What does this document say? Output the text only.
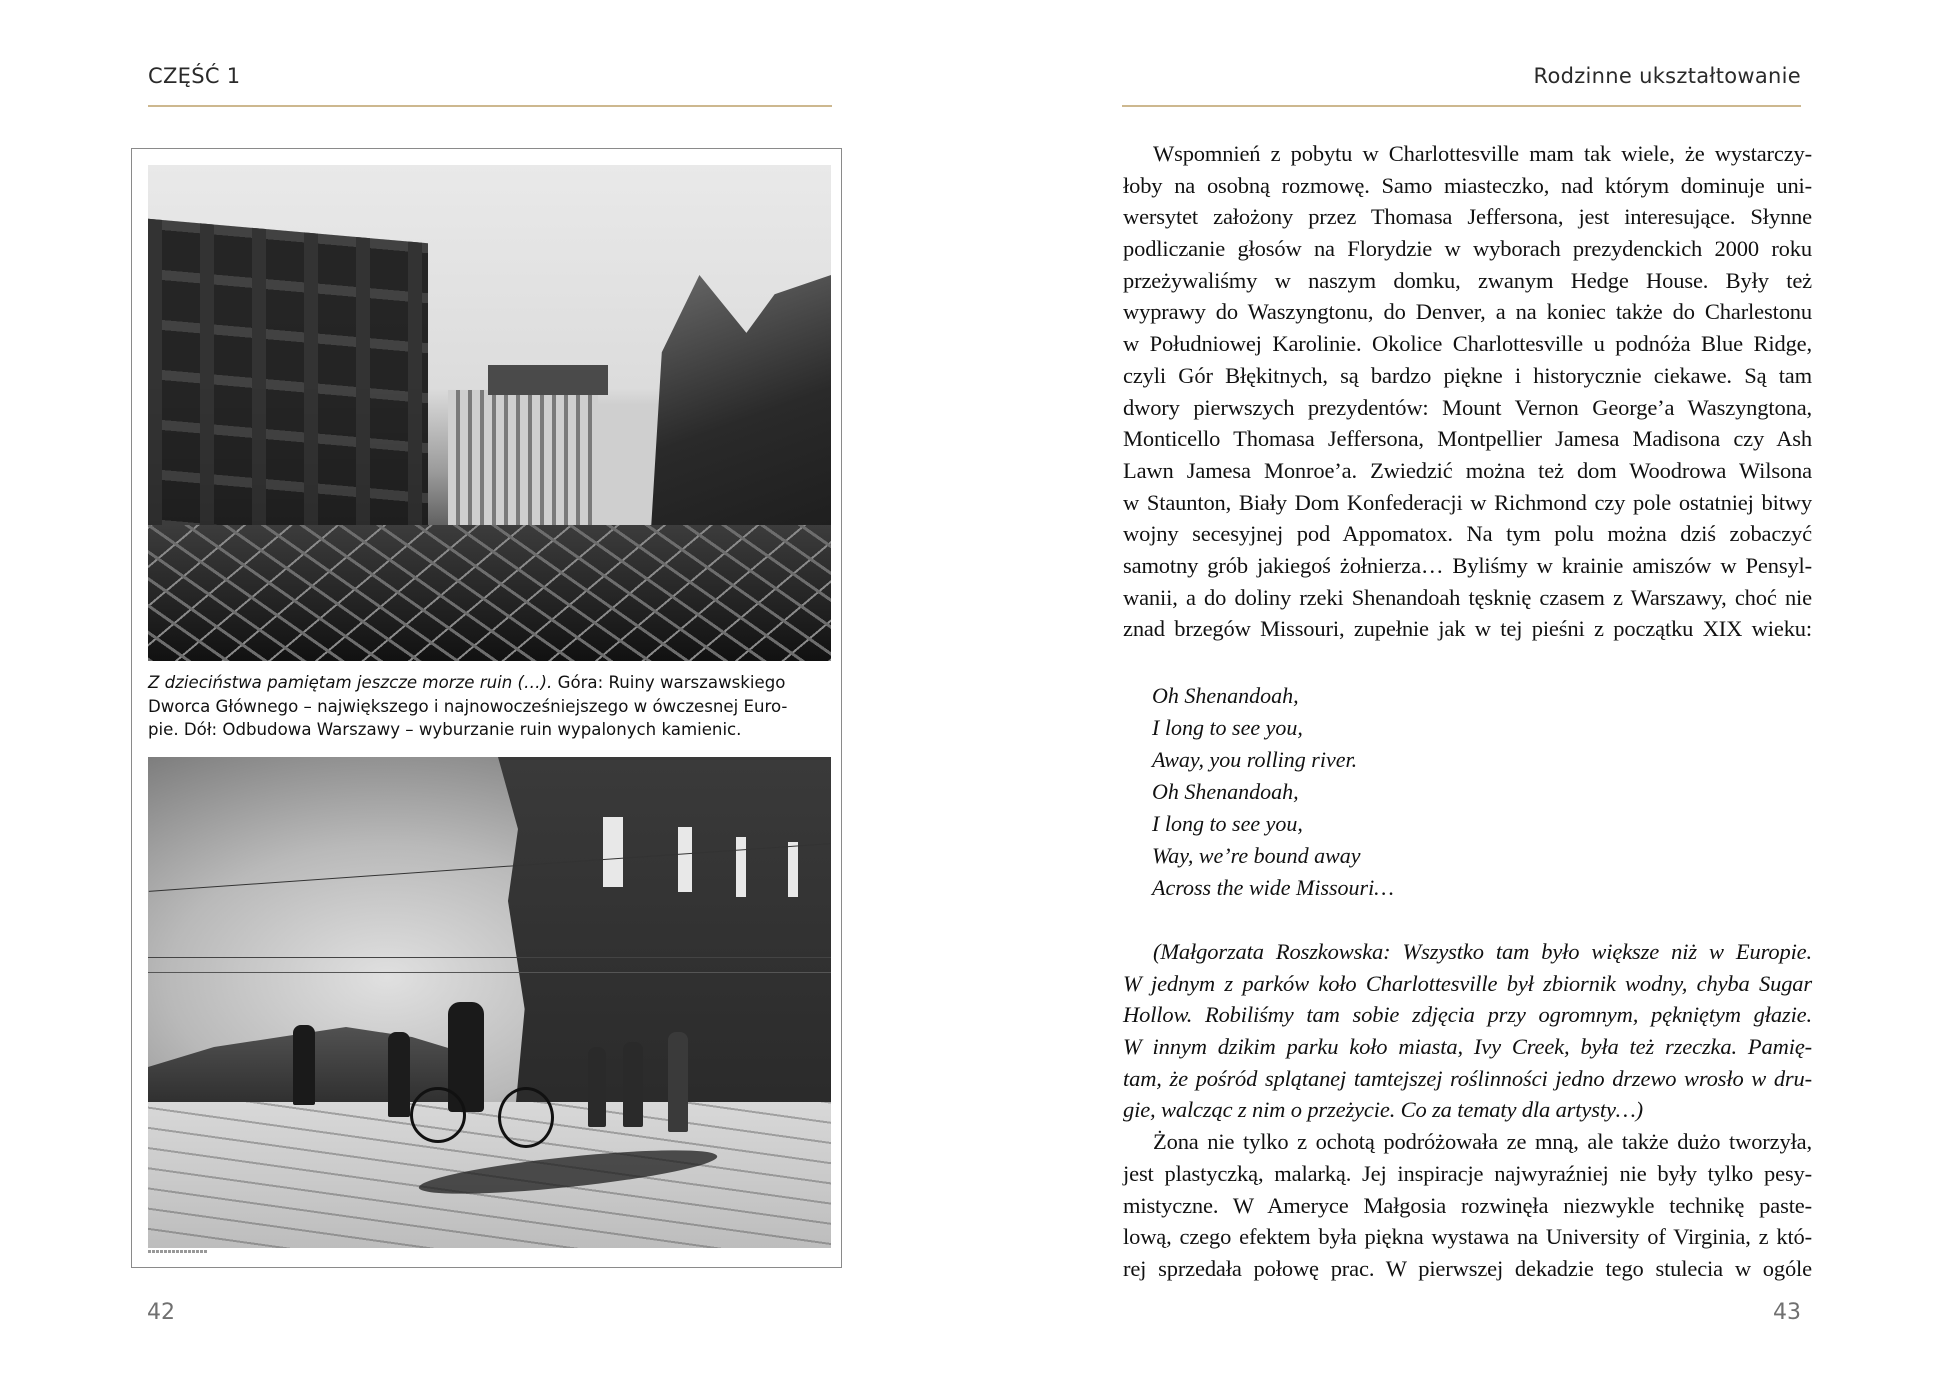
CZĘŚĆ 1
Z dzieciństwa pamiętam jeszcze morze ruin (…). Góra: Ruiny warszawskiego
Dworca Głównego – największego i najnowocześniejszego w ówczesnej Euro-
pie. Dół: Odbudowa Warszawy – wyburzanie ruin wypalonych kamienic.
42
Rodzinne ukształtowanie
43
Wspomnień z pobytu w Charlottesville mam tak wiele, że wystarczy-
łoby na osobną rozmowę. Samo miasteczko, nad którym dominuje uni-
wersytet założony przez Thomasa Jeffersona, jest interesujące. Słynne
podliczanie głosów na Florydzie w wyborach prezydenckich 2000 roku
przeżywaliśmy w naszym domku, zwanym Hedge House. Były też
wyprawy do Waszyngtonu, do Denver, a na koniec także do Charlestonu
w Południowej Karolinie. Okolice Charlottesville u podnóża Blue Ridge,
czyli Gór Błękitnych, są bardzo piękne i historycznie ciekawe. Są tam
dwory pierwszych prezydentów: Mount Vernon George’a Waszyngtona,
Monticello Thomasa Jeffersona, Montpellier Jamesa Madisona czy Ash
Lawn Jamesa Monroe’a. Zwiedzić można też dom Woodrowa Wilsona
w Staunton, Biały Dom Konfederacji w Richmond czy pole ostatniej bitwy
wojny secesyjnej pod Appomatox. Na tym polu można dziś zobaczyć
samotny grób jakiegoś żołnierza… Byliśmy w krainie amiszów w Pensyl-
wanii, a do doliny rzeki Shenandoah tęsknię czasem z Warszawy, choć nie
znad brzegów Missouri, zupełnie jak w tej pieśni z początku XIX wieku:
Oh Shenandoah,
I long to see you,
Away, you rolling river.
Oh Shenandoah,
I long to see you,
Way, we’re bound away
Across the wide Missouri…
(Małgorzata Roszkowska: Wszystko tam było większe niż w Europie.
W jednym z parków koło Charlottesville był zbiornik wodny, chyba Sugar
Hollow. Robiliśmy tam sobie zdjęcia przy ogromnym, pękniętym głazie.
W innym dzikim parku koło miasta, Ivy Creek, była też rzeczka. Pamię-
tam, że pośród splątanej tamtejszej roślinności jedno drzewo wrosło w dru-
gie, walcząc z nim o przeżycie. Co za tematy dla artysty…)
Żona nie tylko z ochotą podróżowała ze mną, ale także dużo tworzyła,
jest plastyczką, malarką. Jej inspiracje najwyraźniej nie były tylko pesy-
mistyczne. W Ameryce Małgosia rozwinęła niezwykle technikę paste-
lową, czego efektem była piękna wystawa na University of Virginia, z któ-
rej sprzedała połowę prac. W pierwszej dekadzie tego stulecia w ogóle
